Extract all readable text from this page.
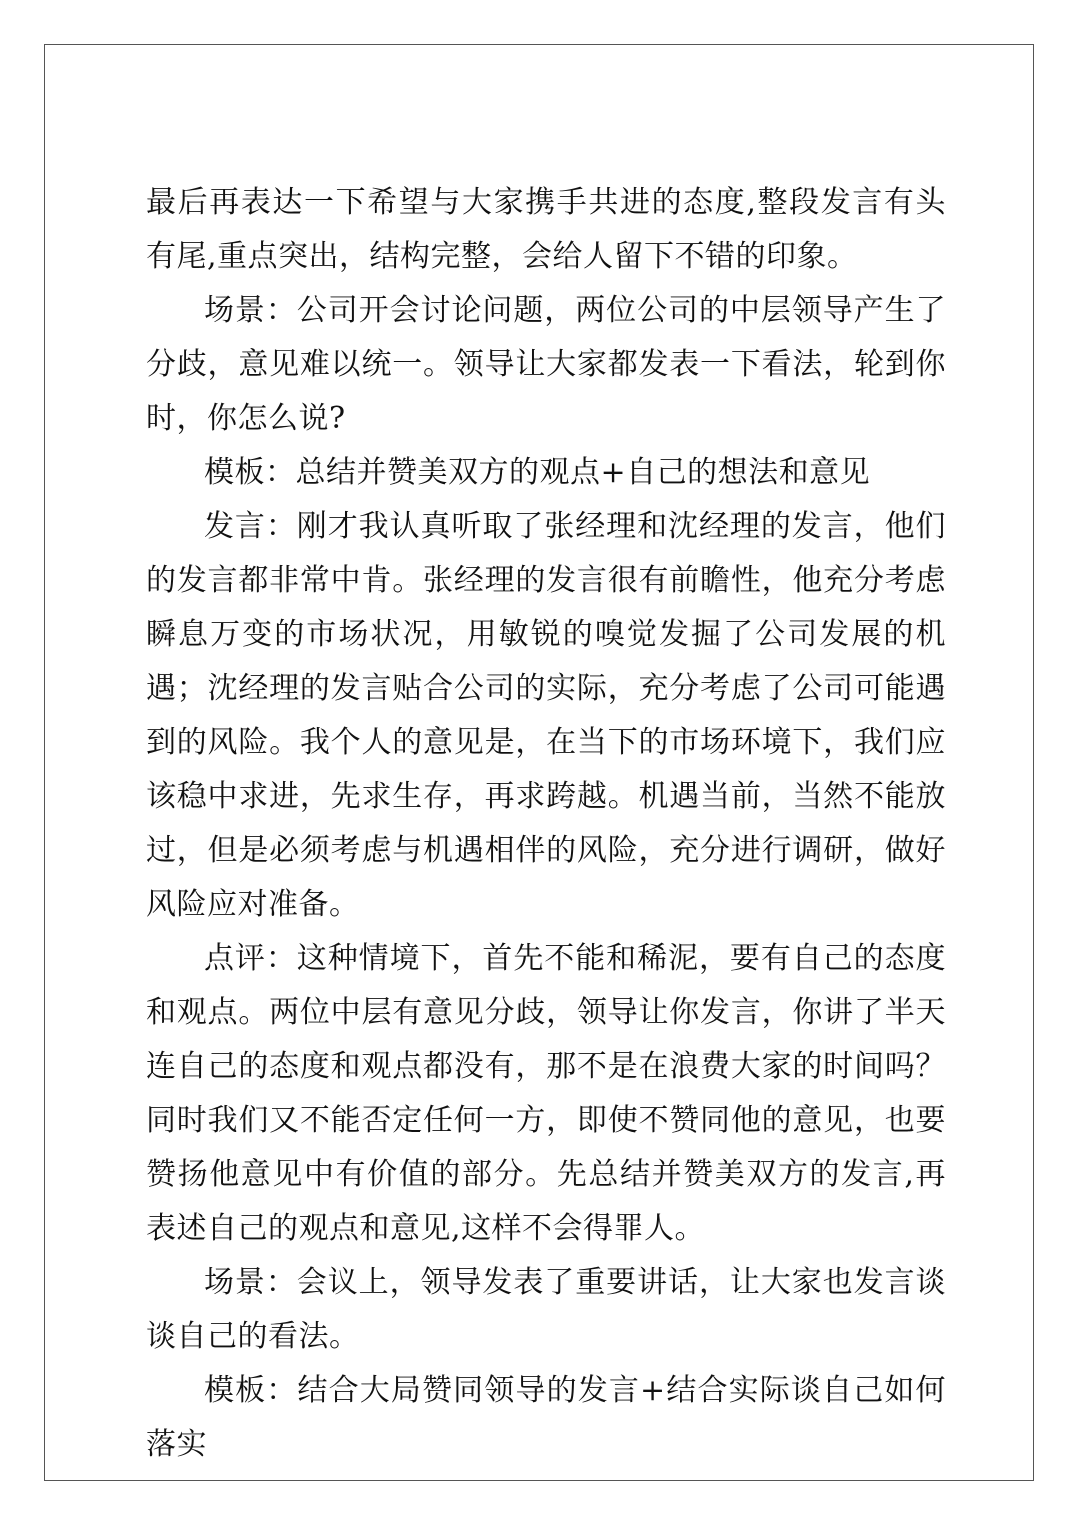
最后再表达一下希望与大家携手共进的态度,整段发言有头有尾,重点突出，结构完整，会给人留下不错的印象。

场景：公司开会讨论问题，两位公司的中层领导产生了分歧，意见难以统一。领导让大家都发表一下看法，轮到你时，你怎么说?

模板：总结并赞美双方的观点+自己的想法和意见

发言：刚才我认真听取了张经理和沈经理的发言，他们的发言都非常中肯。张经理的发言很有前瞻性，他充分考虑瞬息万变的市场状况，用敏锐的嗅觉发掘了公司发展的机遇；沈经理的发言贴合公司的实际，充分考虑了公司可能遇到的风险。我个人的意见是，在当下的市场环境下，我们应该稳中求进，先求生存，再求跨越。机遇当前，当然不能放过，但是必须考虑与机遇相伴的风险，充分进行调研，做好风险应对准备。

点评：这种情境下，首先不能和稀泥，要有自己的态度和观点。两位中层有意见分歧，领导让你发言，你讲了半天连自己的态度和观点都没有，那不是在浪费大家的时间吗？同时我们又不能否定任何一方，即使不赞同他的意见，也要赞扬他意见中有价值的部分。先总结并赞美双方的发言,再表述自己的观点和意见,这样不会得罪人。

场景：会议上，领导发表了重要讲话，让大家也发言谈谈自己的看法。

模板：结合大局赞同领导的发言+结合实际谈自己如何落实
